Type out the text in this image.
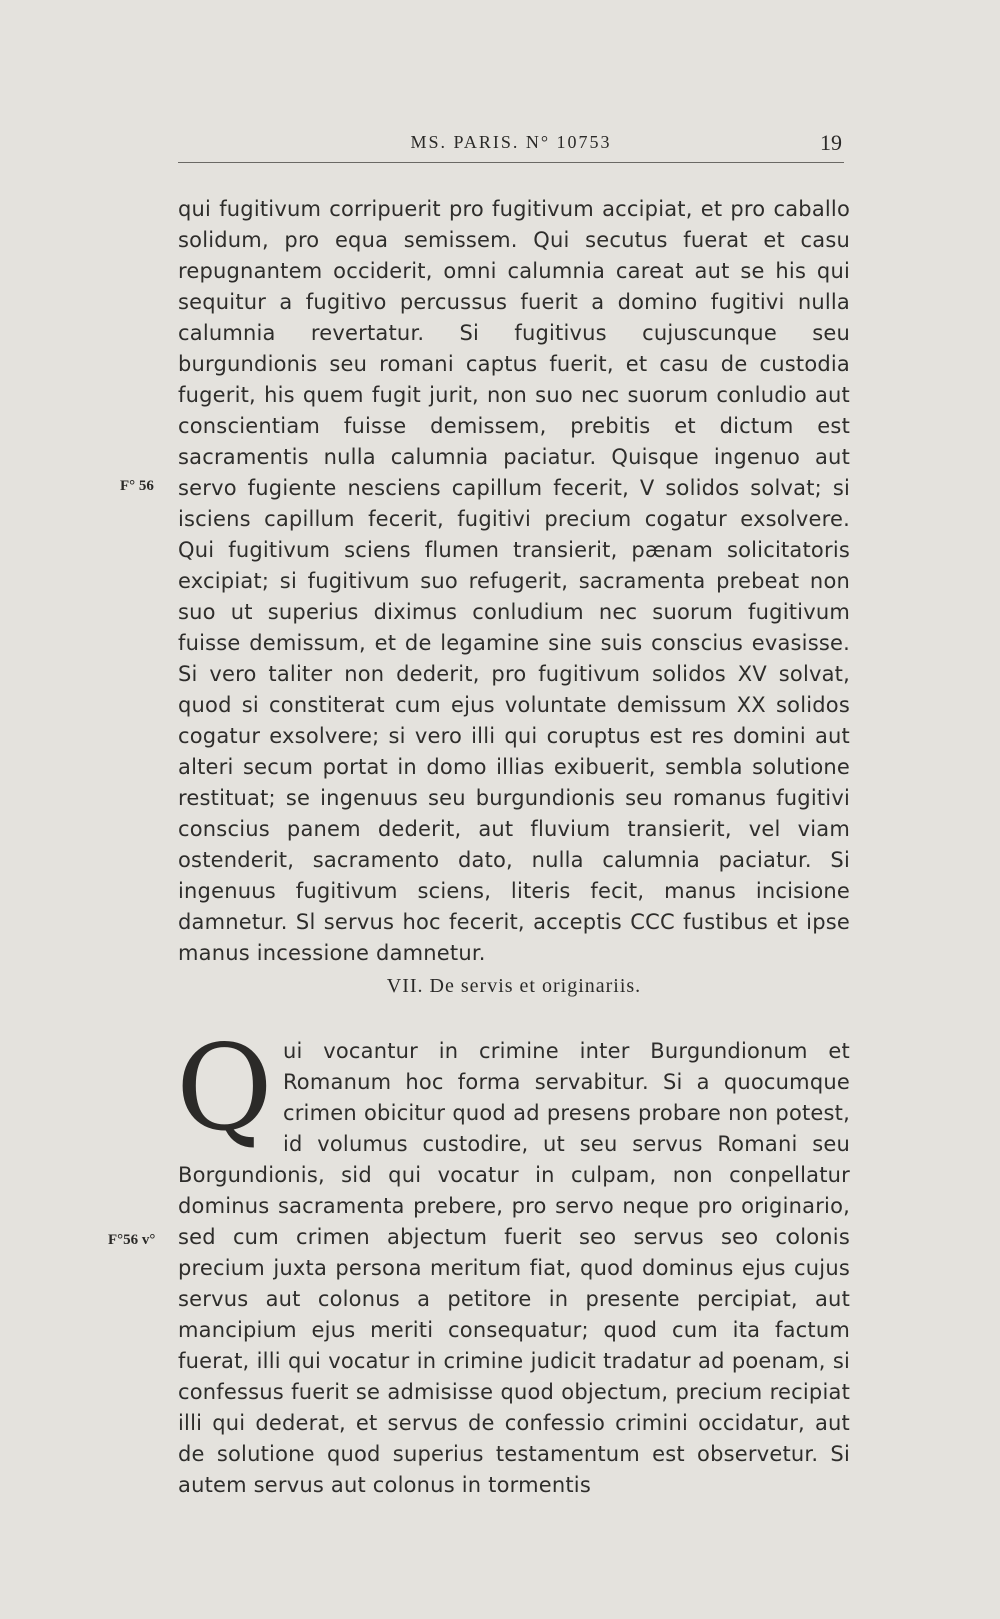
MS. PARIS. N° 10753	19
F° 56

qui fugitivum corripuerit pro fugitivum accipiat, et pro caballo solidum, pro equa semissem. Qui secutus fuerat et casu repugnantem occiderit, omni calumnia careat aut se his qui sequitur a fugitivo percussus fuerit a domino fugitivi nulla calumnia revertatur. Si fugitivus cujuscunque seu burgundionis seu romani captus fuerit, et casu de custodia fugerit, his quem fugit jurit, non suo nec suorum conludio aut conscientiam fuisse demissem, prebitis et dictum est sacramentis nulla calumnia paciatur. Quisque ingenuo aut servo fugiente nesciens capillum fecerit, V solidos solvat; si isciens capillum fecerit, fugitivi precium cogatur exsolvere. Qui fugitivum sciens flumen transierit, pænam solicitatoris excipiat; si fugitivum suo refugerit, sacramenta prebeat non suo ut superius diximus conludium nec suorum fugitivum fuisse demissum, et de legamine sine suis conscius evasisse. Si vero taliter non dederit, pro fugitivum solidos XV solvat, quod si constiterat cum ejus voluntate demissum XX solidos cogatur exsolvere; si vero illi qui coruptus est res domini aut alteri secum portat in domo illias exibuerit, sembla solutione restituat; se ingenuus seu burgundionis seu romanus fugitivi conscius panem dederit, aut fluvium transierit, vel viam ostenderit, sacramento dato, nulla calumnia paciatur. Si ingenuus fugitivum sciens, literis fecit, manus incisione damnetur. Sl servus hoc fecerit, acceptis CCC fustibus et ipse manus incessione damnetur.

VII. De servis et originariis.
F°56 v°
Q ui vocantur in crimine inter Burgundionum et Romanum hoc forma servabitur. Si a quocumque crimen obicitur quod ad presens probare non potest, id volumus custodire, ut seu servus Romani seu Borgundionis, sid qui vocatur in culpam, non conpellatur dominus sacramenta prebere, pro servo neque pro originario, sed cum crimen abjectum fuerit seo servus seo colonis precium juxta persona meritum fiat, quod dominus ejus cujus servus aut colonus a petitore in presente percipiat, aut mancipium ejus meriti consequatur; quod cum ita factum fuerat, illi qui vocatur in crimine judicit tradatur ad poenam, si confessus fuerit se admisisse quod objectum, precium recipiat illi qui dederat, et servus de confessio crimini occidatur, aut de solutione quod superius testamentum est observetur. Si autem servus aut colonus in tormentis
